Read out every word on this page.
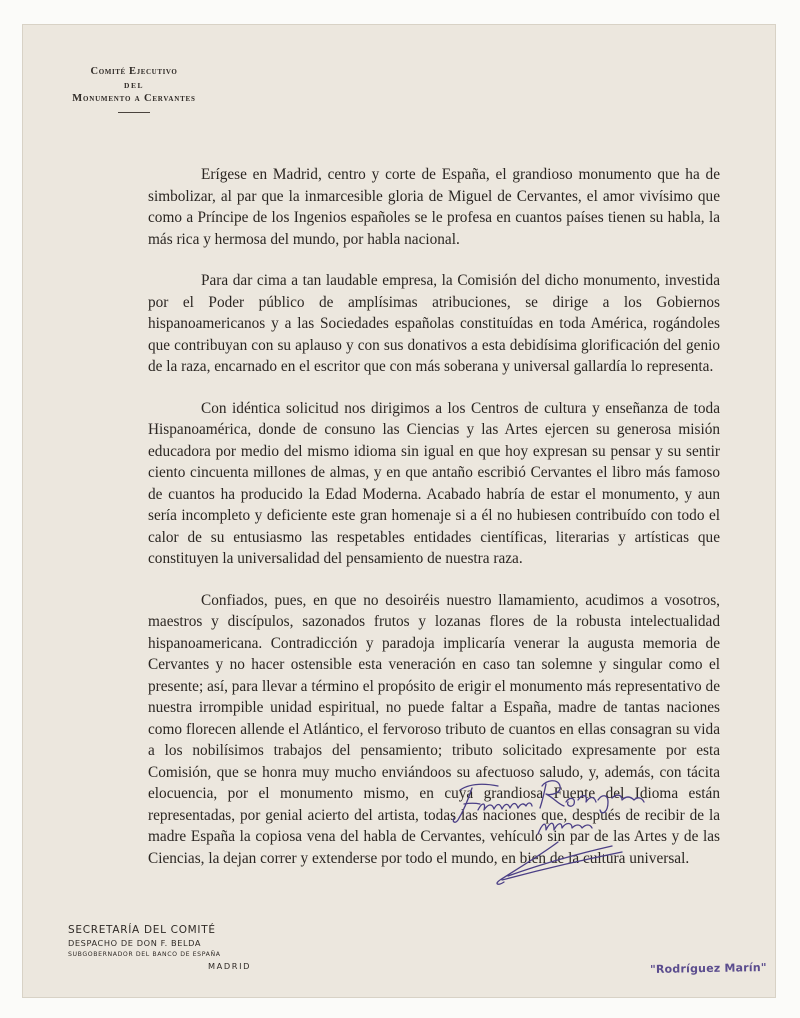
Comité Ejecutivo
DEL
Monumento a Cervantes

Erígese en Madrid, centro y corte de España, el grandioso monumento que ha de simbolizar, al par que la inmarcesible gloria de Miguel de Cervantes, el amor vivísimo que como a Príncipe de los Ingenios españoles se le profesa en cuantos países tienen su habla, la más rica y hermosa del mundo, por habla nacional.

Para dar cima a tan laudable empresa, la Comisión del dicho monumento, investida por el Poder público de amplísimas atribuciones, se dirige a los Gobiernos hispanoamericanos y a las Sociedades españolas constituídas en toda América, rogándoles que contribuyan con su aplauso y con sus donativos a esta debidísima glorificación del genio de la raza, encarnado en el escritor que con más soberana y universal gallardía lo representa.

Con idéntica solicitud nos dirigimos a los Centros de cultura y enseñanza de toda Hispanoamérica, donde de consuno las Ciencias y las Artes ejercen su generosa misión educadora por medio del mismo idioma sin igual en que hoy expresan su pensar y su sentir ciento cincuenta millones de almas, y en que antaño escribió Cervantes el libro más famoso de cuantos ha producido la Edad Moderna. Acabado habría de estar el monumento, y aun sería incompleto y deficiente este gran homenaje si a él no hubiesen contribuído con todo el calor de su entusiasmo las respetables entidades científicas, literarias y artísticas que constituyen la universalidad del pensamiento de nuestra raza.

Confiados, pues, en que no desoiréis nuestro llamamiento, acudimos a vosotros, maestros y discípulos, sazonados frutos y lozanas flores de la robusta intelectualidad hispanoamericana. Contradicción y paradoja implicaría venerar la augusta memoria de Cervantes y no hacer ostensible esta veneración en caso tan solemne y singular como el presente; así, para llevar a término el propósito de erigir el monumento más representativo de nuestra irrompible unidad espiritual, no puede faltar a España, madre de tantas naciones como florecen allende el Atlántico, el fervoroso tributo de cuantos en ellas consagran su vida a los nobilísimos trabajos del pensamiento; tributo solicitado expresamente por esta Comisión, que se honra muy mucho enviándoos su afectuoso saludo, y, además, con tácita elocuencia, por el monumento mismo, en cuya grandiosa Fuente del Idioma están representadas, por genial acierto del artista, todas las naciones que, después de recibir de la madre España la copiosa vena del habla de Cervantes, vehículo sin par de las Artes y de las Ciencias, la dejan correr y extenderse por todo el mundo, en bien de la cultura universal.

Francisco Rodríguez Marín
SECRETARÍA DEL COMITÉ
DESPACHO DE DON F. BELDA
SUBGOBERNADOR DEL BANCO DE ESPAÑA
MADRID	"Rodríguez Marín"
